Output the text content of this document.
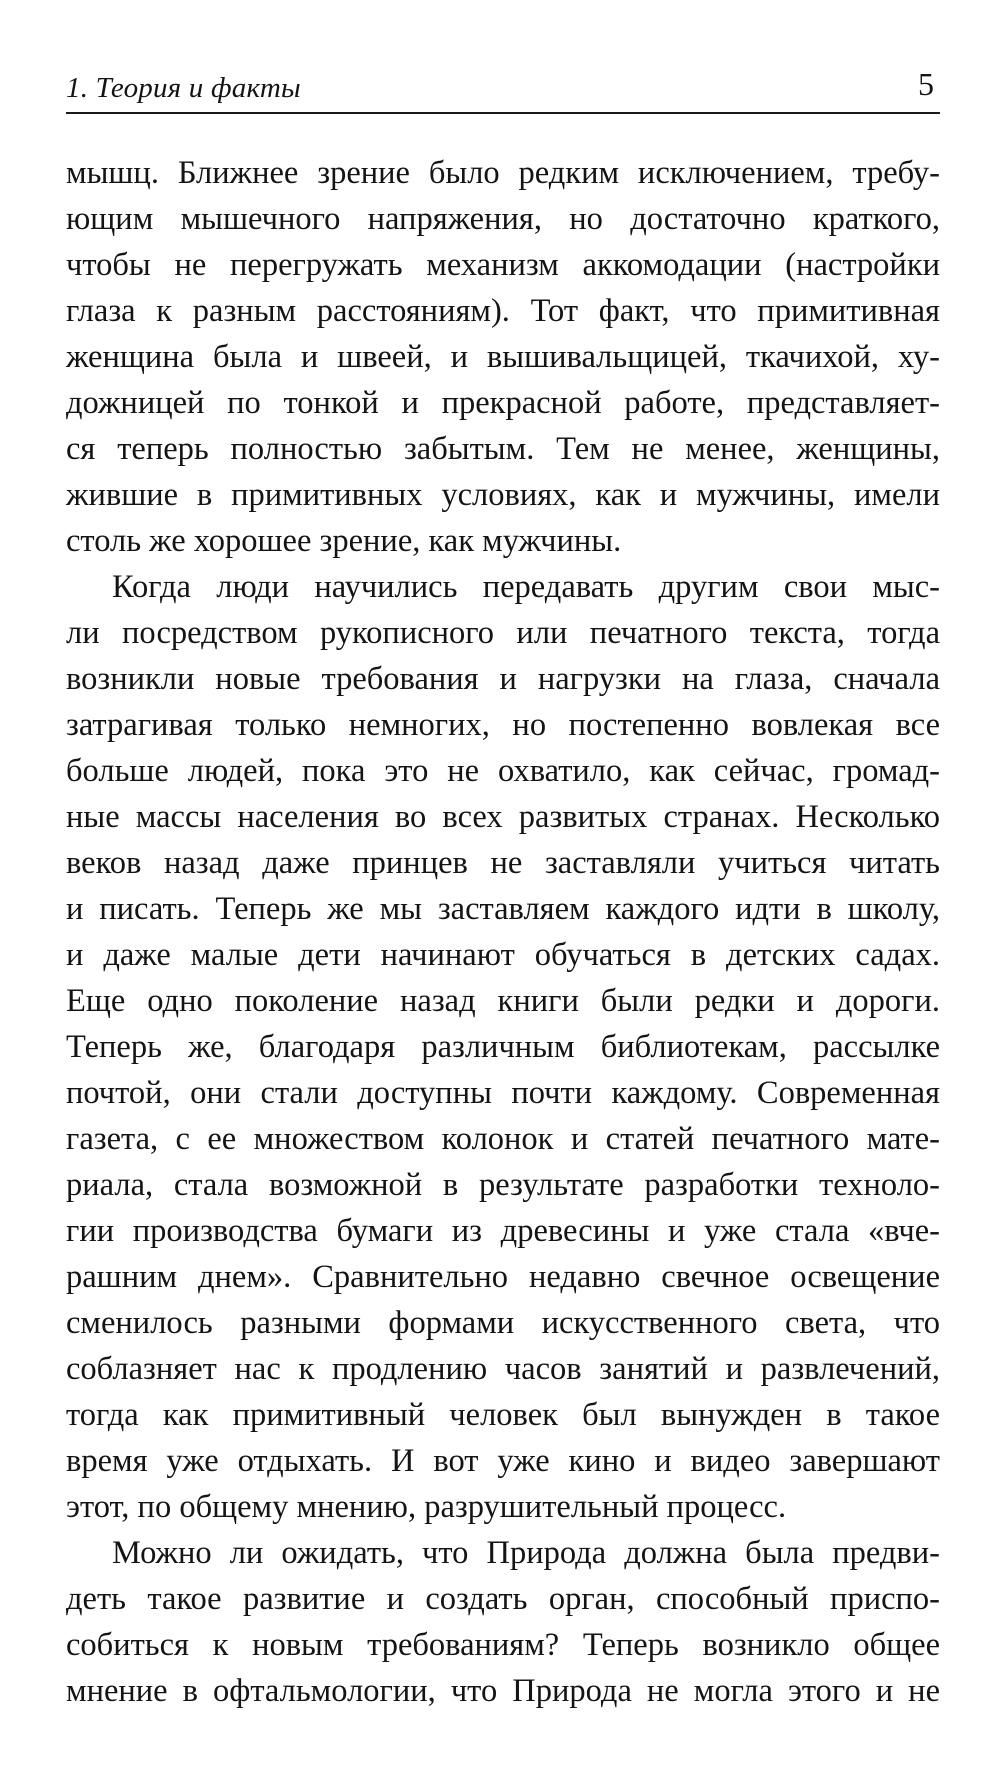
1. Теория и факты	5

мышц. Ближнее зрение было редким исключением, требу-

ющим мышечного напряжения, но достаточно краткого,

чтобы не перегружать механизм аккомодации (настройки

глаза к разным расстояниям). Тот факт, что примитивная

женщина была и швеей, и вышивальщицей, ткачихой, ху-

дожницей по тонкой и прекрасной работе, представляет-

ся теперь полностью забытым. Тем не менее, женщины,

жившие в примитивных условиях, как и мужчины, имели

столь же хорошее зрение, как мужчины.

Когда люди научились передавать другим свои мыс-

ли посредством рукописного или печатного текста, тогда

возникли новые требования и нагрузки на глаза, сначала

затрагивая только немногих, но постепенно вовлекая все

больше людей, пока это не охватило, как сейчас, громад-

ные массы населения во всех развитых странах. Несколько

веков назад даже принцев не заставляли учиться читать

и писать. Теперь же мы заставляем каждого идти в школу,

и даже малые дети начинают обучаться в детских садах.

Еще одно поколение назад книги были редки и дороги.

Теперь же, благодаря различным библиотекам, рассылке

почтой, они стали доступны почти каждому. Современная

газета, с ее множеством колонок и статей печатного мате-

риала, стала возможной в результате разработки техноло-

гии производства бумаги из древесины и уже стала «вче-

рашним днем». Сравнительно недавно свечное освещение

сменилось разными формами искусственного света, что

соблазняет нас к продлению часов занятий и развлечений,

тогда как примитивный человек был вынужден в такое

время уже отдыхать. И вот уже кино и видео завершают

этот, по общему мнению, разрушительный процесс.

Можно ли ожидать, что Природа должна была предви-

деть такое развитие и создать орган, способный приспо-

собиться к новым требованиям? Теперь возникло общее

мнение в офтальмологии, что Природа не могла этого и не
